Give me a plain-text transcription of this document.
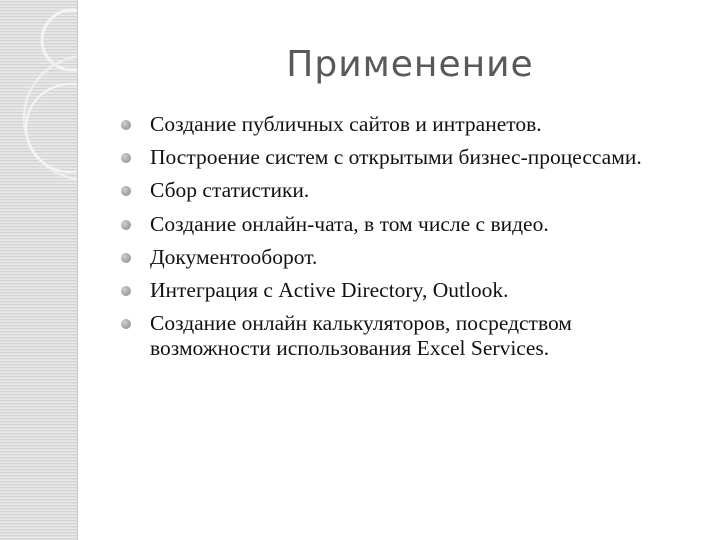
Применение
Создание публичных сайтов и интранетов.
Построение систем с открытыми бизнес-процессами.
Сбор статистики.
Создание онлайн-чата, в том числе с видео.
Документооборот.
Интеграция с Active Directory, Outlook.
Создание онлайн калькуляторов, посредством возможности использования Excel Services.
